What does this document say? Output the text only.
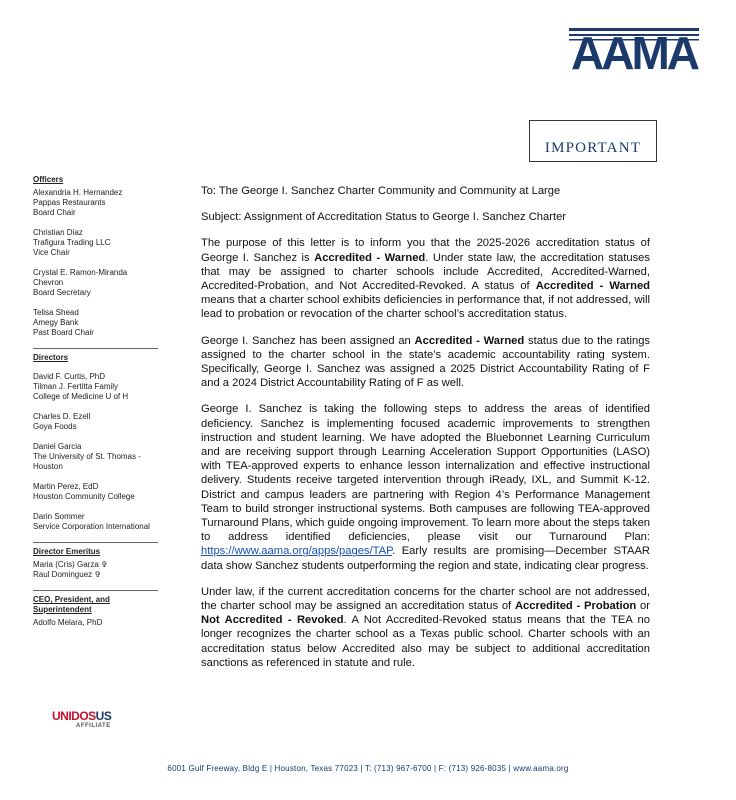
AAMA
IMPORTANT
Officers
Alexandria H. Hernandez
Pappas Restaurants
Board Chair
Christian Diaz
Trafigura Trading LLC
Vice Chair
Crystal E. Ramon-Miranda
Chevron
Board Secretary
Telisa Shead
Amegy Bank
Past Board Chair
Directors
David F. Curtis, PhD
Tilman J. Fertitta Family
College of Medicine U of H
Charles D. Ezell
Goya Foods
Daniel Garcia
The University of St. Thomas -
Houston
Martin Perez, EdD
Houston Community College
Darin Sommer
Service Corporation International
Director Emeritus
Maria (Cris) Garza ✞
Raul Dominguez ✞
CEO, President, and
Superintendent
Adolfo Melara, PhD

To: The George I. Sanchez Charter Community and Community at Large

Subject: Assignment of Accreditation Status to George I. Sanchez Charter

The purpose of this letter is to inform you that the 2025-2026 accreditation status of George I. Sanchez is Accredited - Warned. Under state law, the accreditation statuses that may be assigned to charter schools include Accredited, Accredited-Warned, Accredited-Probation, and Not Accredited-Revoked. A status of Accredited - Warned means that a charter school exhibits deficiencies in performance that, if not addressed, will lead to probation or revocation of the charter school’s accreditation status.

George I. Sanchez has been assigned an Accredited - Warned status due to the ratings assigned to the charter school in the state’s academic accountability rating system. Specifically, George I. Sanchez was assigned a 2025 District Accountability Rating of F and a 2024 District Accountability Rating of F as well.

George I. Sanchez is taking the following steps to address the areas of identified deficiency. Sanchez is implementing focused academic improvements to strengthen instruction and student learning. We have adopted the Bluebonnet Learning Curriculum and are receiving support through Learning Acceleration Support Opportunities (LASO) with TEA-approved experts to enhance lesson internalization and effective instructional delivery. Students receive targeted intervention through iReady, IXL, and Summit K-12. District and campus leaders are partnering with Region 4’s Performance Management Team to build stronger instructional systems. Both campuses are following TEA-approved Turnaround Plans, which guide ongoing improvement. To learn more about the steps taken to address identified deficiencies, please visit our Turnaround Plan: https://www.aama.org/apps/pages/TAP. Early results are promising—December STAAR data show Sanchez students outperforming the region and state, indicating clear progress.

Under law, if the current accreditation concerns for the charter school are not addressed, the charter school may be assigned an accreditation status of Accredited - Probation or Not Accredited - Revoked. A Not Accredited-Revoked status means that the TEA no longer recognizes the charter school as a Texas public school. Charter schools with an accreditation status below Accredited also may be subject to additional accreditation sanctions as referenced in statute and rule.

UNIDOSUS
AFFILIATE
6001 Gulf Freeway, Bldg E | Houston, Texas 77023 | T: (713) 967-6700 | F: (713) 926-8035 | www.aama.org
